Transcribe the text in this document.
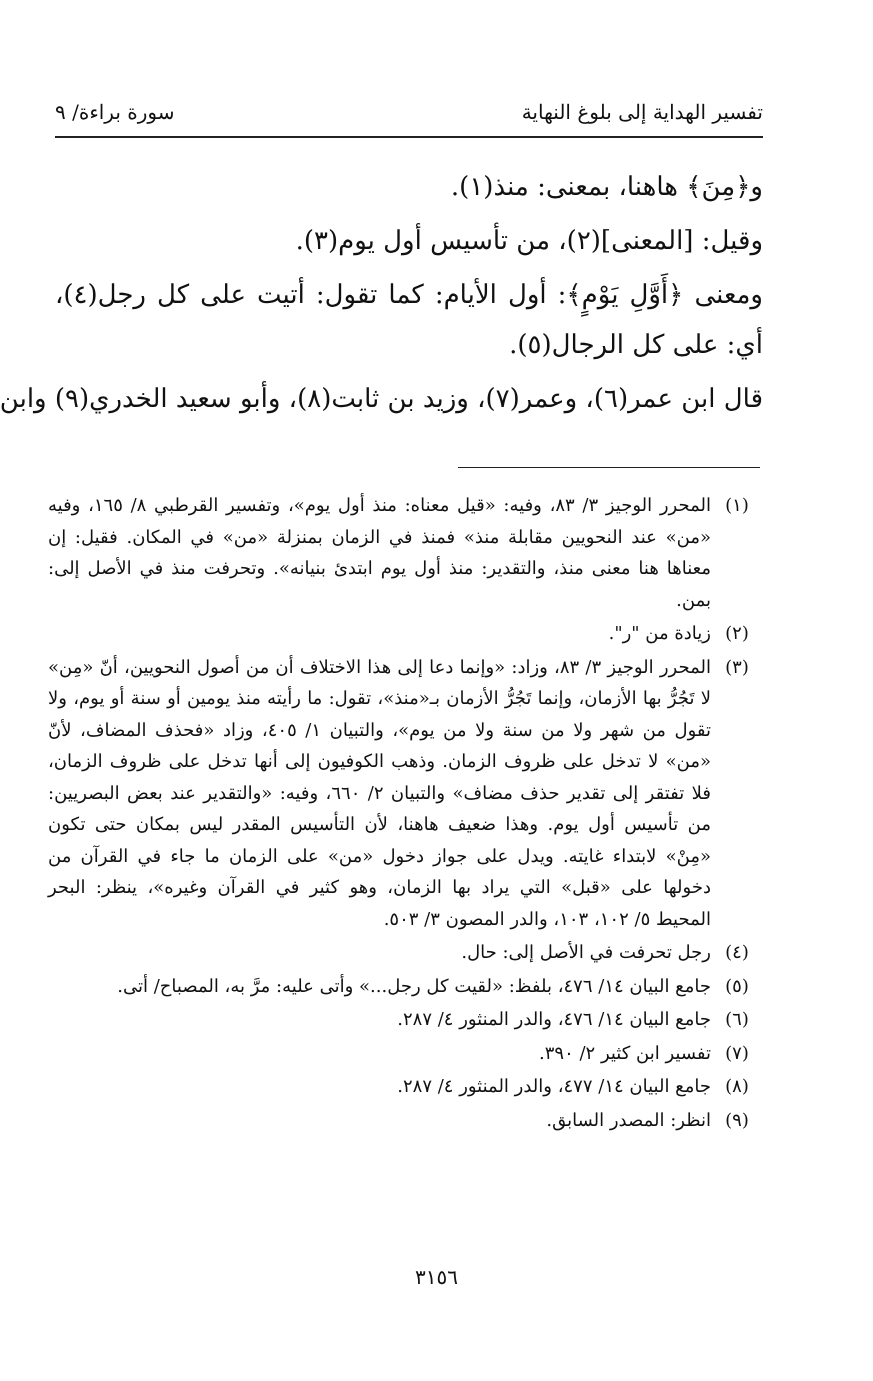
تفسير الهداية إلى بلوغ النهاية
سورة براءة/ ٩
و﴿مِنَ﴾ هاهنا، بمعنى: منذ(١).
وقيل: [المعنى](٢)، من تأسيس أول يوم(٣).
ومعنى ﴿أَوَّلِ يَوْمٍ﴾: أول الأيام: كما تقول: أتيت على كل رجل(٤)، أي: على كل الرجال(٥).
قال ابن عمر(٦)، وعمر(٧)، وزيد بن ثابت(٨)، وأبو سعيد الخدري(٩) وابن
(١)
المحرر الوجيز ٣/ ٨٣، وفيه: «قيل معناه: منذ أول يوم»، وتفسير القرطبي ٨/ ١٦٥، وفيه «من» عند النحويين مقابلة منذ» فمنذ في الزمان بمنزلة «من» في المكان. فقيل: إن معناها هنا معنى منذ، والتقدير: منذ أول يوم ابتدئ بنيانه». وتحرفت منذ في الأصل إلى: بمن.
(٢)
زيادة من "ر".
(٣)
المحرر الوجيز ٣/ ٨٣، وزاد: «وإنما دعا إلى هذا الاختلاف أن من أصول النحويين، أنّ «مِن» لا تَجُرُّ بها الأزمان، وإنما تَجُرُّ الأزمان بـ«منذ»، تقول: ما رأيته منذ يومين أو سنة أو يوم، ولا تقول من شهر ولا من سنة ولا من يوم»، والتبيان ١/ ٤٠٥، وزاد «فحذف المضاف، لأنّ «من» لا تدخل على ظروف الزمان. وذهب الكوفيون إلى أنها تدخل على ظروف الزمان، فلا تفتقر إلى تقدير حذف مضاف» والتبيان ٢/ ٦٦٠، وفيه: «والتقدير عند بعض البصريين: من تأسيس أول يوم. وهذا ضعيف هاهنا، لأن التأسيس المقدر ليس بمكان حتى تكون «مِنْ» لابتداء غايته. ويدل على جواز دخول «من» على الزمان ما جاء في القرآن من دخولها على «قبل» التي يراد بها الزمان، وهو كثير في القرآن وغيره»، ينظر: البحر المحيط ٥/ ١٠٢، ١٠٣، والدر المصون ٣/ ٥٠٣.
(٤)
رجل تحرفت في الأصل إلى: حال.
(٥)
جامع البيان ١٤/ ٤٧٦، بلفظ: «لقيت كل رجل...» وأتى عليه: مرَّ به، المصباح/ أتى.
(٦)
جامع البيان ١٤/ ٤٧٦، والدر المنثور ٤/ ٢٨٧.
(٧)
تفسير ابن كثير ٢/ ٣٩٠.
(٨)
جامع البيان ١٤/ ٤٧٧، والدر المنثور ٤/ ٢٨٧.
(٩)
انظر: المصدر السابق.
٣١٥٦
